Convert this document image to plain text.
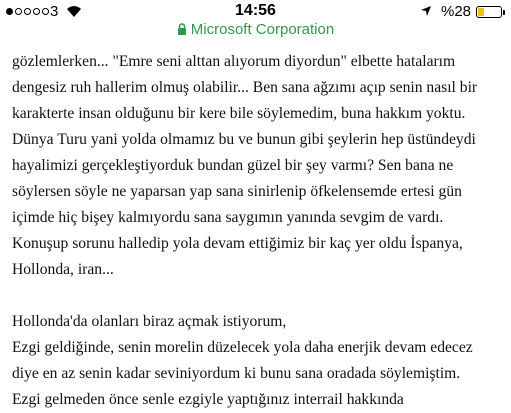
3	14:56	%28
Microsoft Corporation
gözlemlerken... "Emre seni alttan alıyorum diyordun" elbette hatalarım
dengesiz ruh hallerim olmuş olabilir... Ben sana ağzımı açıp senin nasıl bir
karakterte insan olduğunu bir kere bile söylemedim, buna hakkım yoktu.
Dünya Turu yani yolda olmamız bu ve bunun gibi şeylerin hep üstündeydi
hayalimizi gerçekleştiyorduk bundan güzel bir şey varmı? Sen bana ne
söylersen söyle ne yaparsan yap sana sinirlenip öfkelensemde ertesi gün
içimde hiç bişey kalmıyordu sana saygımın yanında sevgim de vardı.
Konuşup sorunu halledip yola devam ettiğimiz bir kaç yer oldu İspanya,
Hollonda, iran...
Hollonda'da olanları biraz açmak istiyorum,
Ezgi geldiğinde, senin morelin düzelecek yola daha enerjik devam edecez
diye en az senin kadar seviniyordum ki bunu sana oradada söylemiştim.
Ezgi gelmeden önce senle ezgiyle yaptığınız interrail hakkında
